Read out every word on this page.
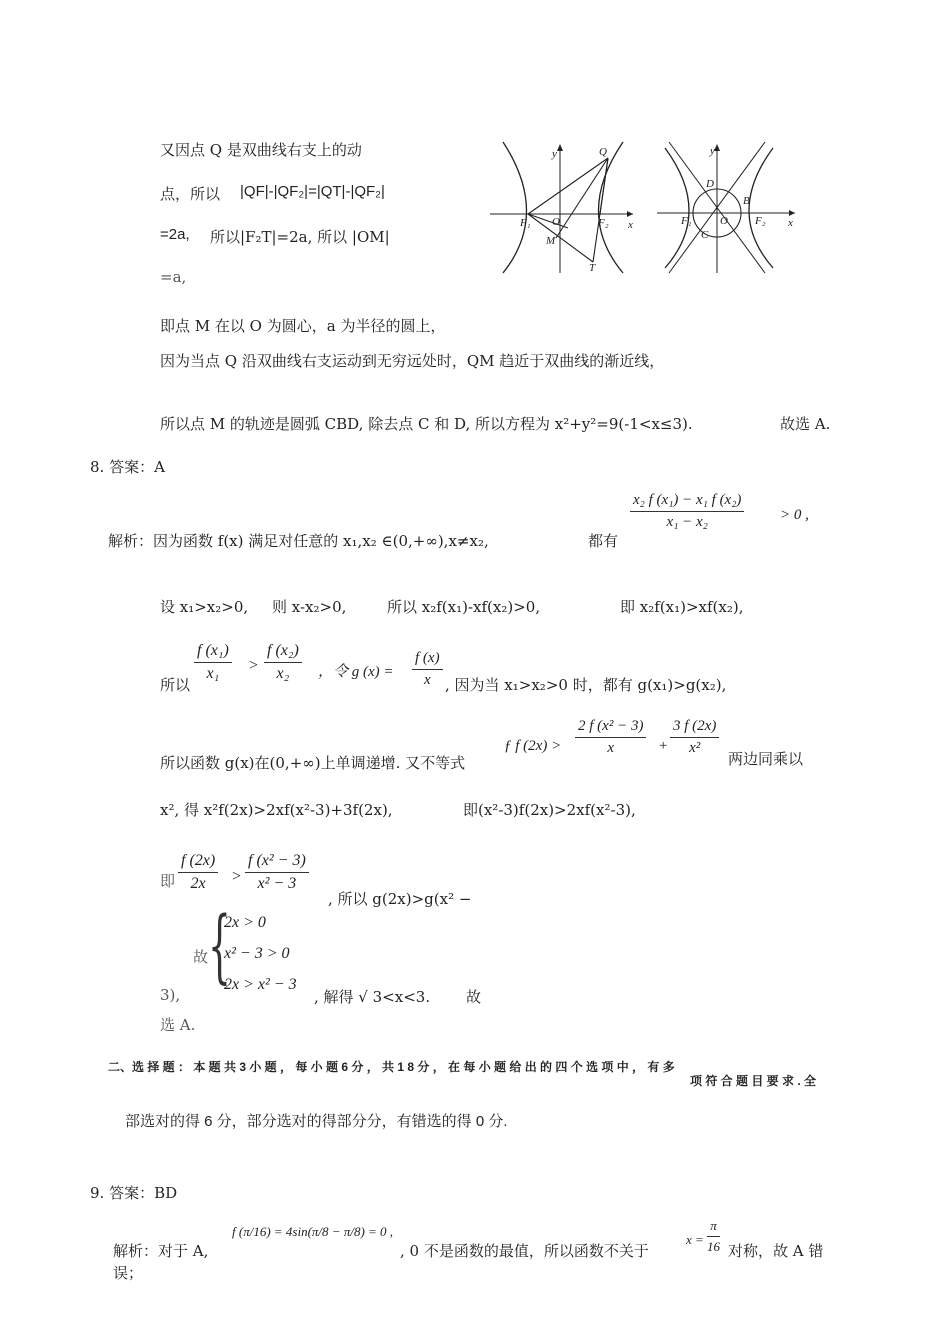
又因点 Q 是双曲线右支上的动
点，所以 |QF|-|QF₂|=|QT|-|QF₂|
=2a, 所以|F₂T|=2a, 所以 |OM|
=a,
y
x
Q
O
F₁	F₂
M
T
y
x
D
B
C
F₁	F₂
O
即点 M 在以 O 为圆心，a 为半径的圆上，
因为当点 Q 沿双曲线右支运动到无穷远处时，QM 趋近于双曲线的渐近线，
所以点 M 的轨迹是圆弧 CBD, 除去点 C 和 D, 所以方程为 x²+y²=9(-1<x≤3).	故选 A.
8. 答案：A
解析：因为函数 f(x) 满足对任意的 x₁,x₂ ∈(0,+∞),x≠x₂,	都有
$\frac{\text{x₂ f (x₁) − x₁ f (x₂)}}{\text{x₁ − x₂}} > 0$ ,
设 x₁>x₂>0, 则 x-x₂>0,	所以 x₂f(x₁)-xf(x₂)>0,	即 x₂f(x₁)>xf(x₂),
所以
$\frac{\text{f (x₁)}}{\text{x₁}} > \frac{\text{f (x₂)}}{\text{x₂}}$ ，令 g $(x) = \frac{f (x)}{x}$ , 因为当 x₁>x₂>0 时，都有 g(x₁)>g(x₂),
所以函数 g(x)在(0,+∞)上单调递增. 又不等式
ƒ f $(2x) > \frac{\text{2 f (x² − 3)}}{x} + \frac{3 f (2x)}{\text{x²}}$
两边同乘以
x², 得 x²f(2x)>2xf(x²-3)+3f(2x),	即(x²-3)f(2x)>2xf(x²-3),
即 $\frac{f (2x)}{2x} > \frac{\text{f (x² − 3)}}{\text{x² − 3}}$
, 所以 g(2x)>g(x² −
故 {
2x > 0
x² − 3 > 0
2x > x² − 3
3),	, 解得 √ 3<x<3. 故
选 A.
二、选 择 题 ： 本 题 共 3 小 题 ， 每 小 题 6 分 ， 共 1 8 分 ， 在 每 小 题 给 出 的 四 个 选 项 中 ， 有 多
项 符 合 题 目 要 求 . 全
部选对的得 6 分，部分选对的得部分分，有错选的得 0 分.
9. 答案：BD
解析：对于 A,
f (π/16) = 4sin(π/8 − π/8) = 0 ,
, 0 不是函数的最值，所以函数不关于
$x = \frac{\pi}{16}$ 对称，故 A 错
误；
